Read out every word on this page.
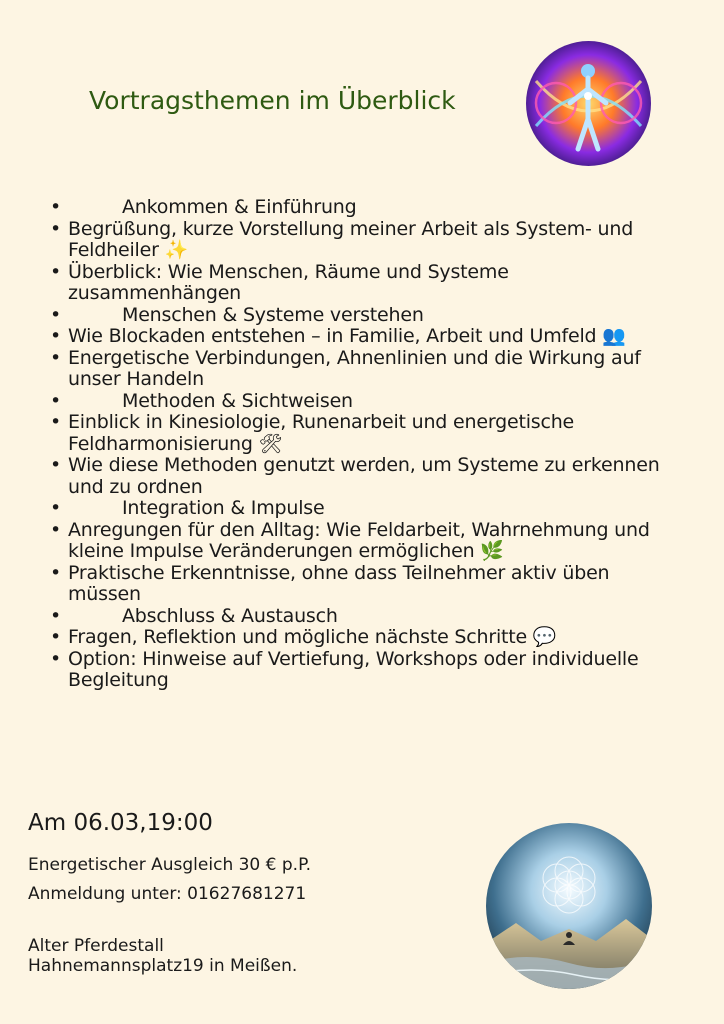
Vortragsthemen im Überblick
• Ankommen & Einführung
• Begrüßung, kurze Vorstellung meiner Arbeit als System- und Feldheiler ✨
• Überblick: Wie Menschen, Räume und Systeme zusammenhängen
• Menschen & Systeme verstehen
• Wie Blockaden entstehen – in Familie, Arbeit und Umfeld 👥
• Energetische Verbindungen, Ahnenlinien und die Wirkung auf unser Handeln
• Methoden & Sichtweisen
• Einblick in Kinesiologie, Runenarbeit und energetische Feldharmonisierung 🛠
• Wie diese Methoden genutzt werden, um Systeme zu erkennen und zu ordnen
• Integration & Impulse
• Anregungen für den Alltag: Wie Feldarbeit, Wahrnehmung und kleine Impulse Veränderungen ermöglichen 🌿
• Praktische Erkenntnisse, ohne dass Teilnehmer aktiv üben müssen
• Abschluss & Austausch
• Fragen, Reflektion und mögliche nächste Schritte 💬
• Option: Hinweise auf Vertiefung, Workshops oder individuelle Begleitung
Am 06.03,19:00
Energetischer Ausgleich 30 € p.P.
Anmeldung unter: 01627681271
Alter Pferdestall
Hahnemannsplatz19 in Meißen.
